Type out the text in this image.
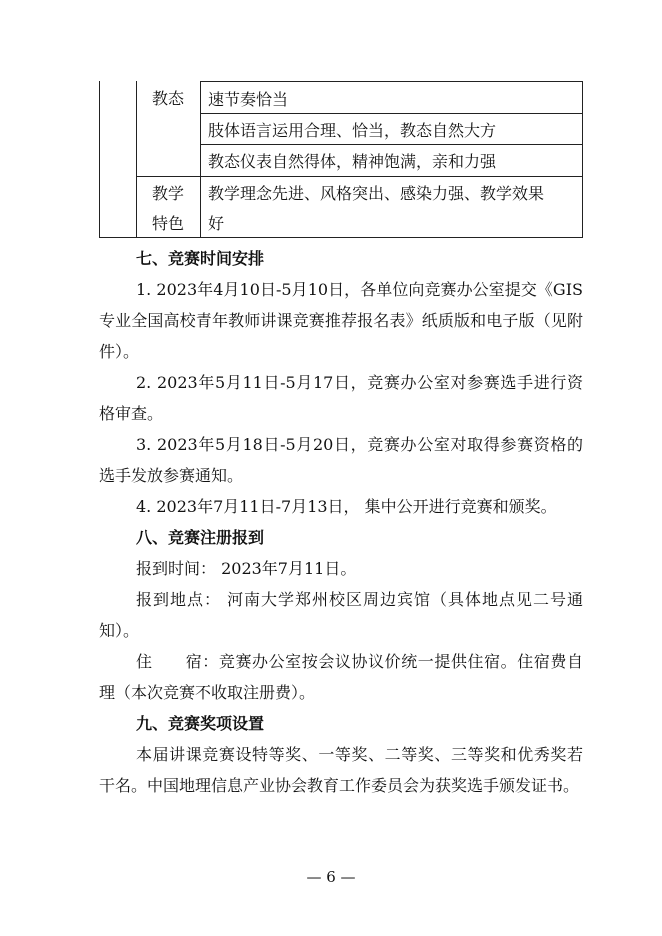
教态 速节奏恰当
肢体语言运用合理、恰当，教态自然大方
教态仪表自然得体，精神饱满，亲和力强
教学
特色
教学理念先进、风格突出、感染力强、教学效果
好

七、竞赛时间安排

1. 2023年4月10日-5月10日，各单位向竞赛办公室提交《GIS专业全国高校青年教师讲课竞赛推荐报名表》纸质版和电子版（见附件）。

2. 2023年5月11日-5月17日，竞赛办公室对参赛选手进行资格审查。

3. 2023年5月18日-5月20日，竞赛办公室对取得参赛资格的选手发放参赛通知。

4. 2023年7月11日-7月13日， 集中公开进行竞赛和颁奖。

八、竞赛注册报到

报到时间： 2023年7月11日。

报到地点： 河南大学郑州校区周边宾馆（具体地点见二号通知）。

住　　宿：竞赛办公室按会议协议价统一提供住宿。住宿费自理（本次竞赛不收取注册费）。

九、竞赛奖项设置

本届讲课竞赛设特等奖、一等奖、二等奖、三等奖和优秀奖若干名。中国地理信息产业协会教育工作委员会为获奖选手颁发证书。

— 6 —
